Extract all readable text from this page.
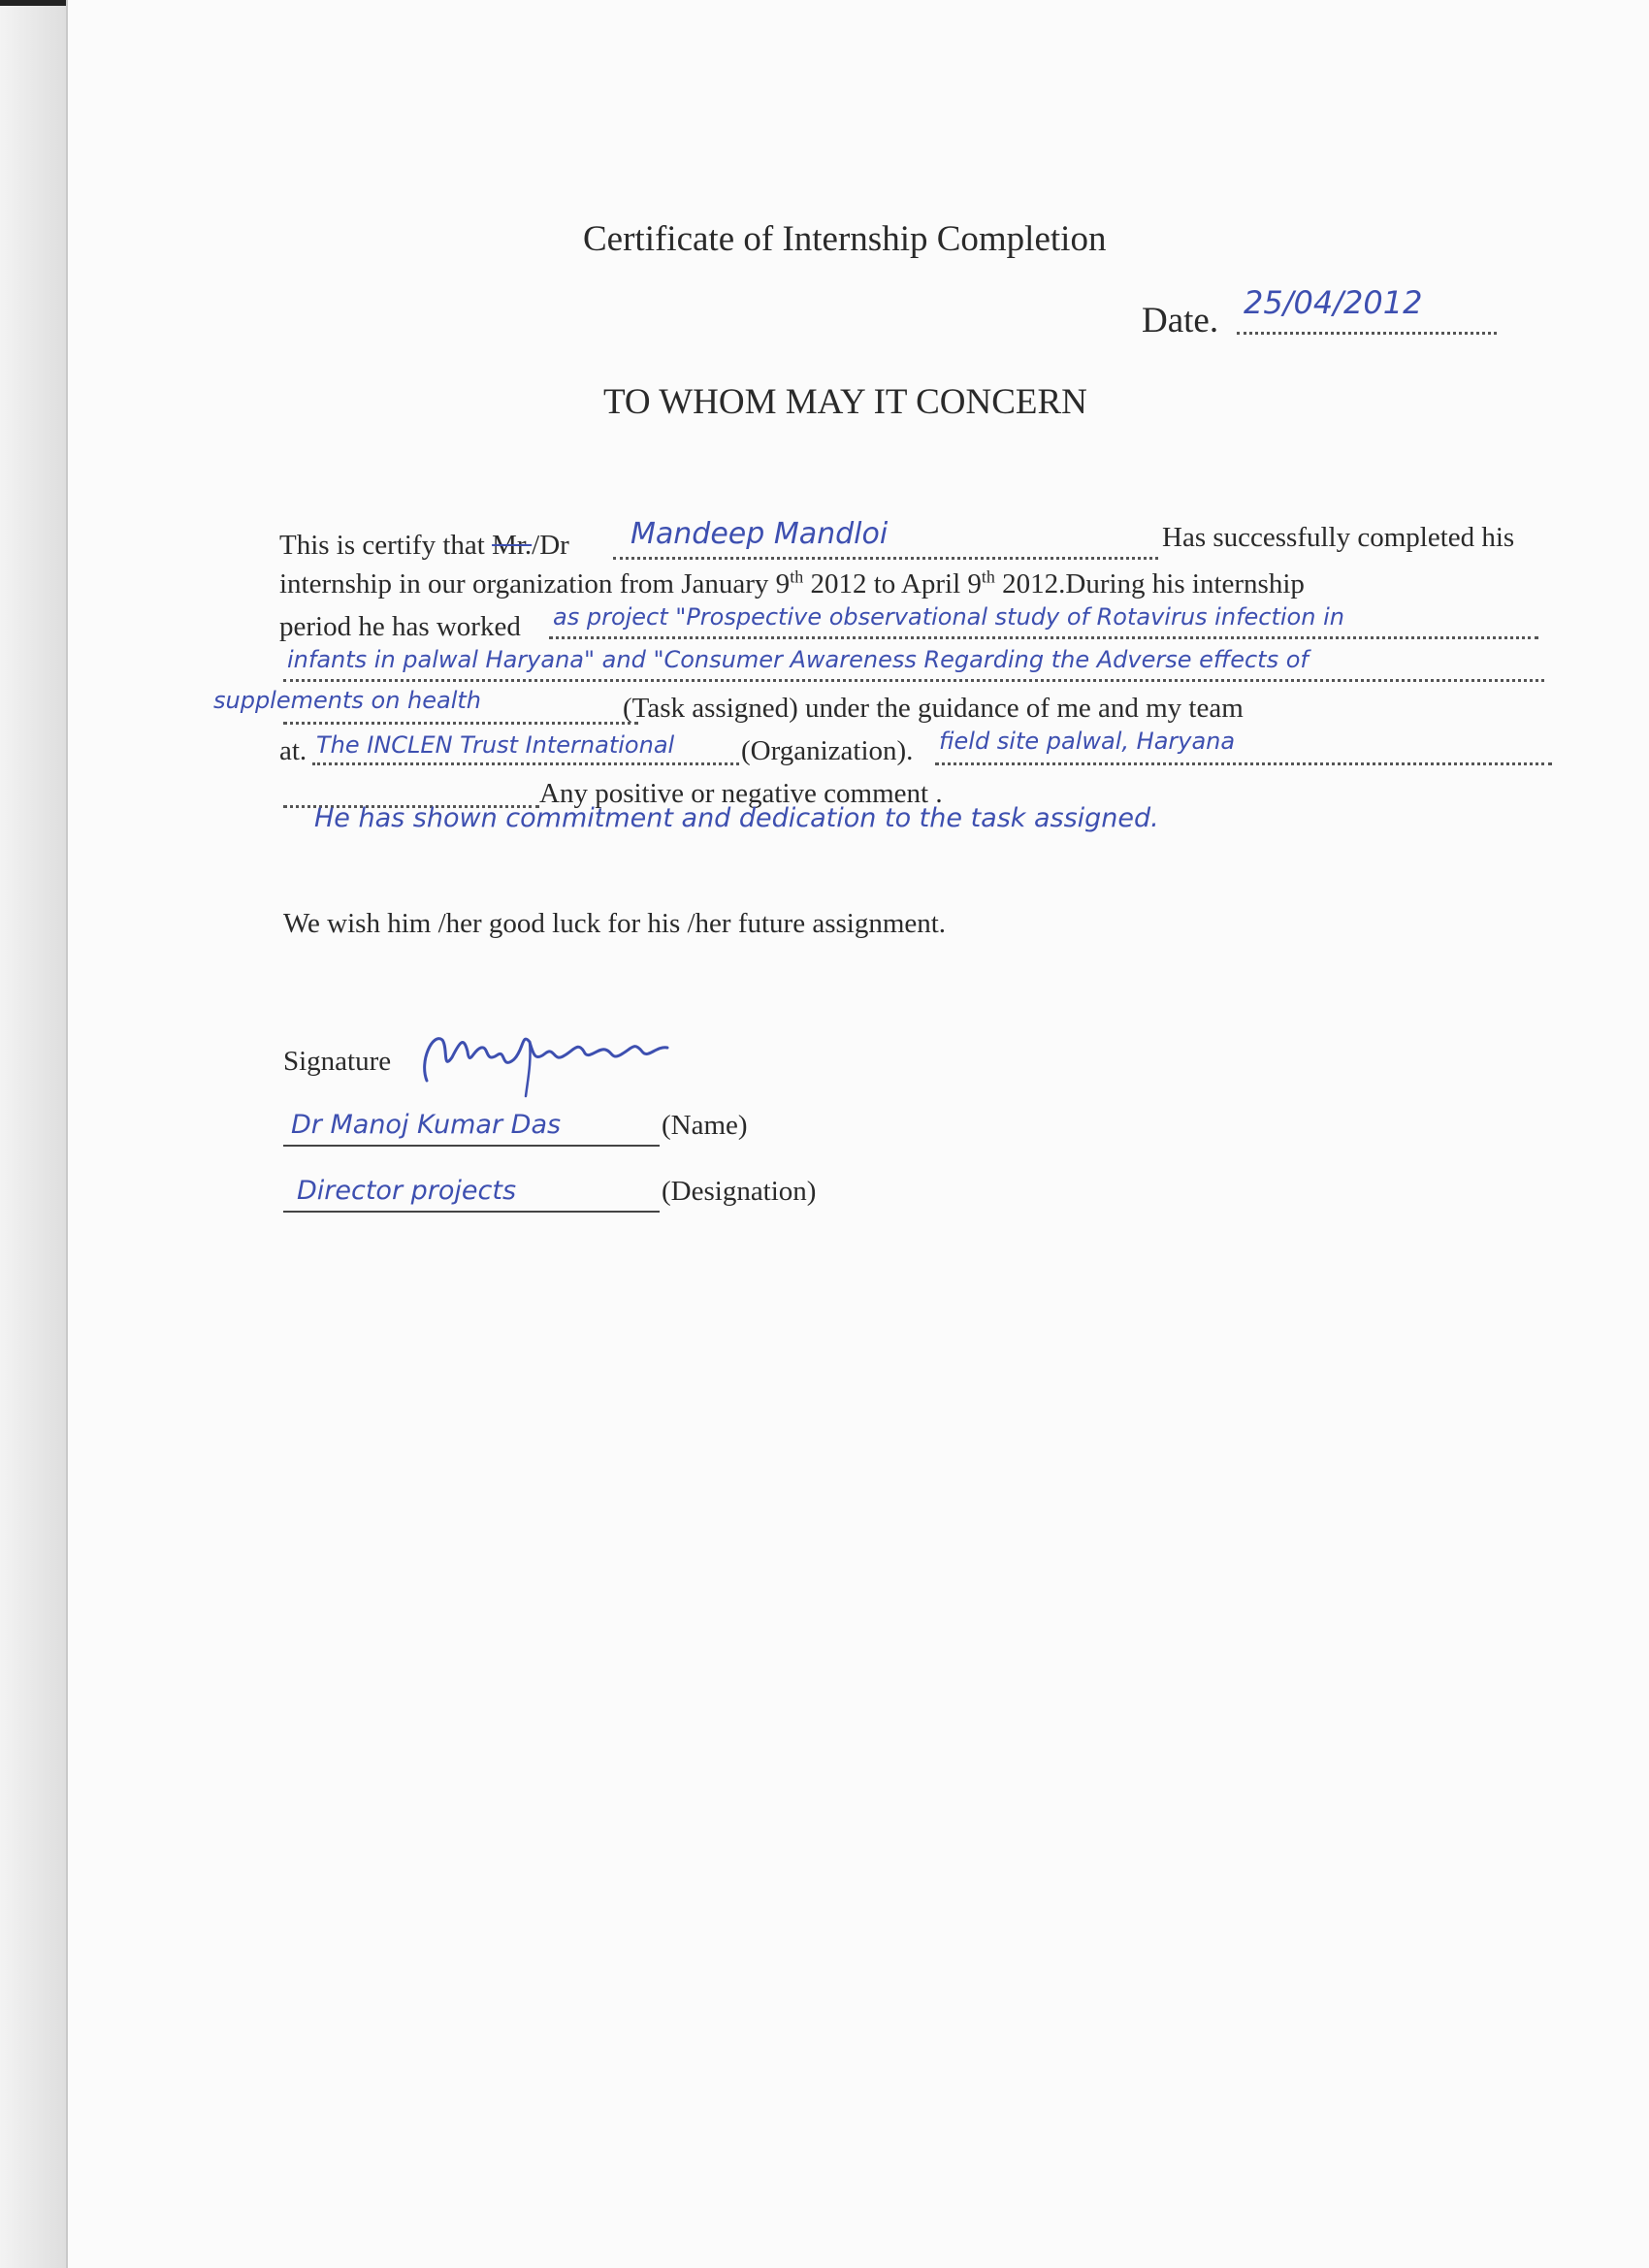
Certificate of Internship Completion
Date. 25/04/2012
TO WHOM MAY IT CONCERN
This is certify that Mr./Dr Mandeep Mandloi	Has successfully completed his
internship in our organization from January 9th 2012 to April 9th 2012.During his internship
period he has worked as project "Prospective observational study of Rotavirus infection in
infants in palwal Haryana" and "Consumer Awareness Regarding the Adverse effects of
supplements on health	(Task assigned) under the guidance of me and my team
at. The INCLEN Trust International (Organization). field site palwal, Haryana
Any positive or negative comment .
He has shown commitment and dedication to the task assigned.
We wish him /her good luck for his /her future assignment.
Signature
Dr Manoj Kumar Das	(Name)
Director projects	(Designation)
